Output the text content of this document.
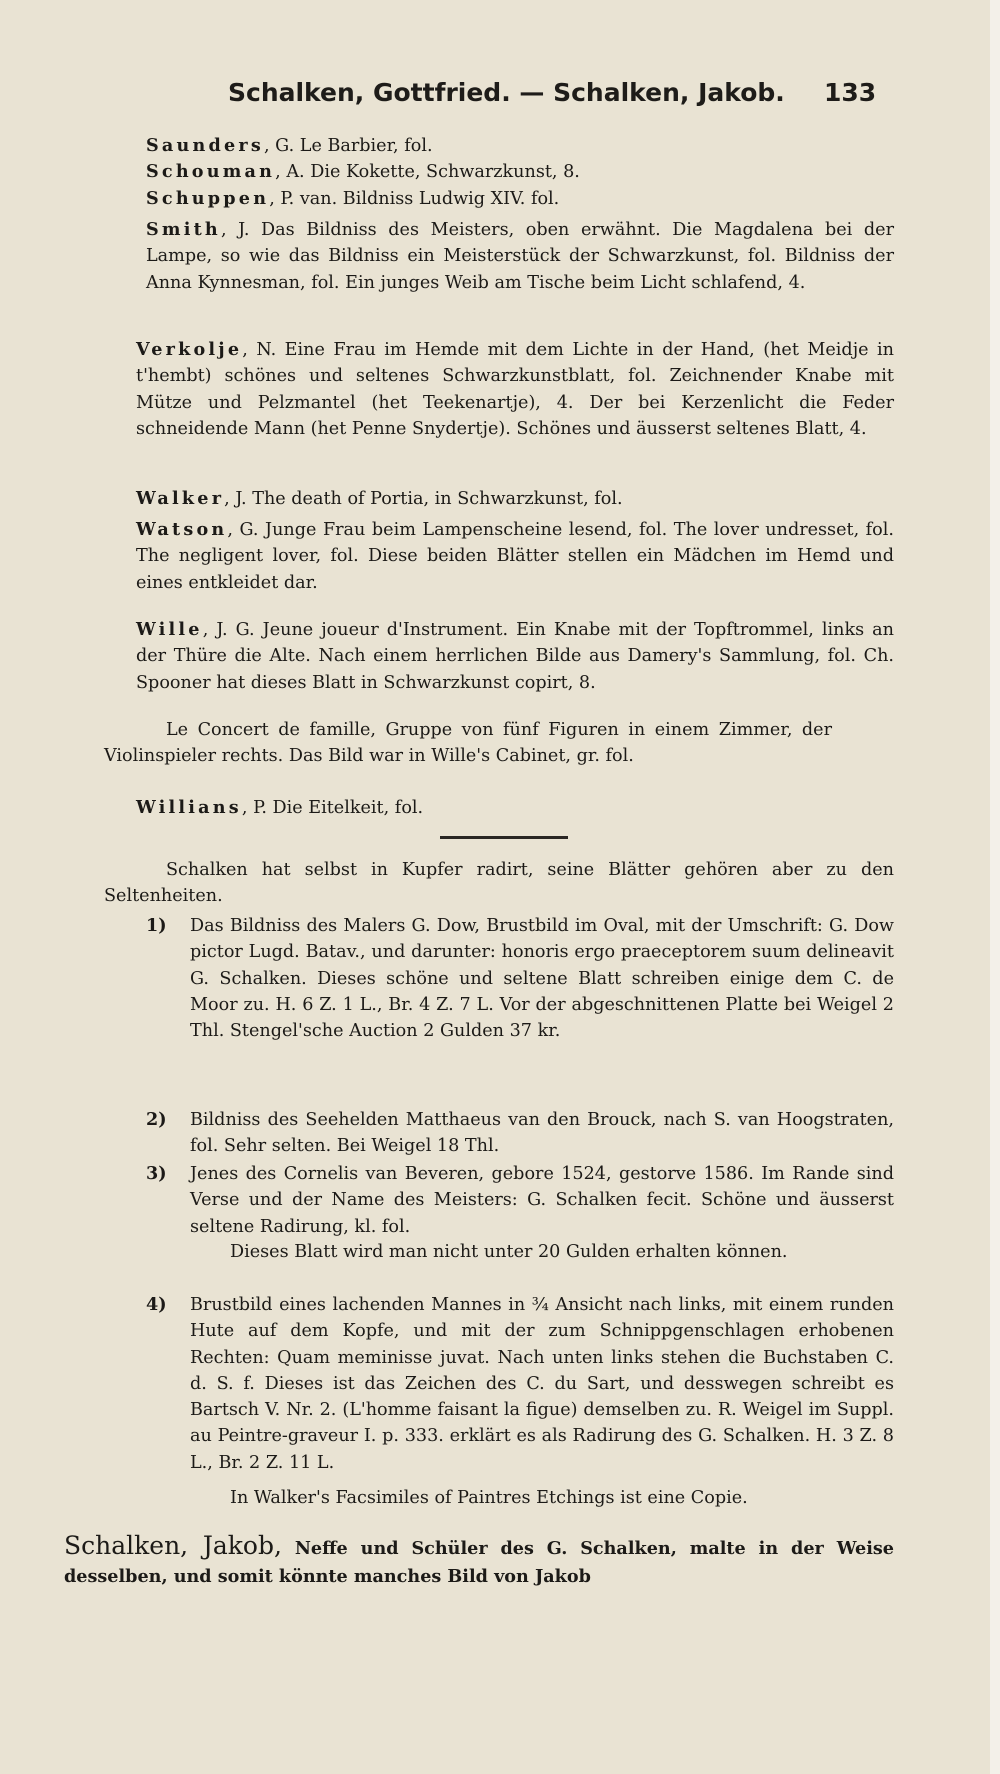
Schalken, Gottfried. — Schalken, Jakob. 133

Saunders, G. Le Barbier, fol.

Schouman, A. Die Kokette, Schwarzkunst, 8.

Schuppen, P. van. Bildniss Ludwig XIV. fol.

Smith, J. Das Bildniss des Meisters, oben erwähnt. Die Magdalena bei der Lampe, so wie das Bildniss ein Meisterstück der Schwarzkunst, fol. Bildniss der Anna Kynnesman, fol. Ein junges Weib am Tische beim Licht schlafend, 4.

Verkolje, N. Eine Frau im Hemde mit dem Lichte in der Hand, (het Meidje in t'hembt) schönes und seltenes Schwarzkunstblatt, fol. Zeichnender Knabe mit Mütze und Pelzmantel (het Teekenartje), 4. Der bei Kerzenlicht die Feder schneidende Mann (het Penne Snydertje). Schönes und äusserst seltenes Blatt, 4.

Walker, J. The death of Portia, in Schwarzkunst, fol.

Watson, G. Junge Frau beim Lampenscheine lesend, fol. The lover undresset, fol. The negligent lover, fol. Diese beiden Blätter stellen ein Mädchen im Hemd und eines entkleidet dar.

Wille, J. G. Jeune joueur d'Instrument. Ein Knabe mit der Topftrommel, links an der Thüre die Alte. Nach einem herrlichen Bilde aus Damery's Sammlung, fol. Ch. Spooner hat dieses Blatt in Schwarzkunst copirt, 8.

Le Concert de famille, Gruppe von fünf Figuren in einem Zimmer, der Violinspieler rechts. Das Bild war in Wille's Cabinet, gr. fol.

Willians, P. Die Eitelkeit, fol.

Schalken hat selbst in Kupfer radirt, seine Blätter gehören aber zu den Seltenheiten.

1) Das Bildniss des Malers G. Dow, Brustbild im Oval, mit der Umschrift: G. Dow pictor Lugd. Batav., und darunter: honoris ergo praeceptorem suum delineavit G. Schalken. Dieses schöne und seltene Blatt schreiben einige dem C. de Moor zu. H. 6 Z. 1 L., Br. 4 Z. 7 L. Vor der abgeschnittenen Platte bei Weigel 2 Thl. Stengel'sche Auction 2 Gulden 37 kr.

2) Bildniss des Seehelden Matthaeus van den Brouck, nach S. van Hoogstraten, fol. Sehr selten. Bei Weigel 18 Thl.

3) Jenes des Cornelis van Beveren, gebore 1524, gestorve 1586. Im Rande sind Verse und der Name des Meisters: G. Schalken fecit. Schöne und äusserst seltene Radirung, kl. fol.

Dieses Blatt wird man nicht unter 20 Gulden erhalten können.

4) Brustbild eines lachenden Mannes in ¾ Ansicht nach links, mit einem runden Hute auf dem Kopfe, und mit der zum Schnippgenschlagen erhobenen Rechten: Quam meminisse juvat. Nach unten links stehen die Buchstaben C. d. S. f. Dieses ist das Zeichen des C. du Sart, und desswegen schreibt es Bartsch V. Nr. 2. (L'homme faisant la figue) demselben zu. R. Weigel im Suppl. au Peintre-graveur I. p. 333. erklärt es als Radirung des G. Schalken. H. 3 Z. 8 L., Br. 2 Z. 11 L.

In Walker's Facsimiles of Paintres Etchings ist eine Copie.

Schalken, Jakob, Neffe und Schüler des G. Schalken, malte in der Weise desselben, und somit könnte manches Bild von Jakob
